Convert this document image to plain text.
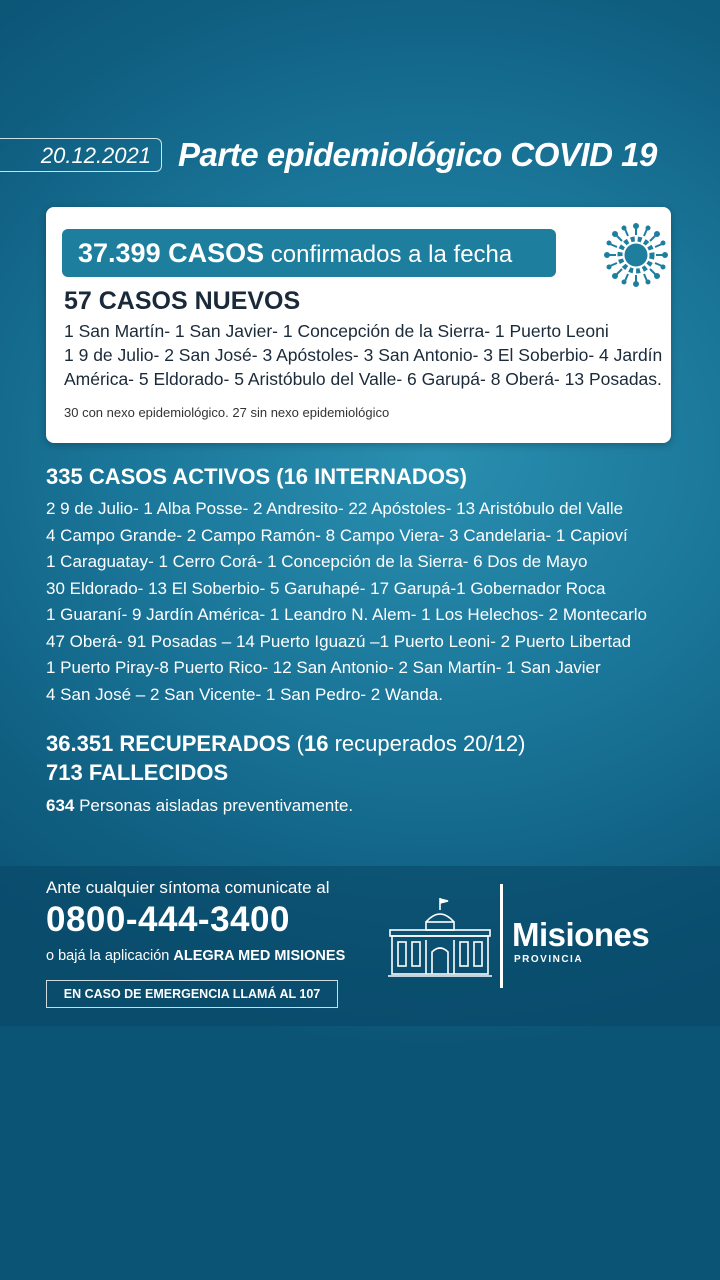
20.12.2021 Parte epidemiológico COVID 19
37.399 CASOS confirmados a la fecha
57 CASOS NUEVOS
1 San Martín- 1 San Javier- 1 Concepción de la Sierra- 1 Puerto Leoni
1 9 de Julio- 2 San José- 3 Apóstoles- 3 San Antonio- 3 El Soberbio- 4 Jardín
América- 5 Eldorado- 5 Aristóbulo del Valle- 6 Garupá- 8 Oberá- 13 Posadas.
30 con nexo epidemiológico. 27 sin nexo epidemiológico
335 CASOS ACTIVOS (16 INTERNADOS)
2 9 de Julio- 1 Alba Posse- 2 Andresito- 22 Apóstoles- 13 Aristóbulo del Valle
4 Campo Grande- 2 Campo Ramón- 8 Campo Viera- 3 Candelaria- 1 Capioví
1 Caraguatay- 1 Cerro Corá- 1 Concepción de la Sierra- 6 Dos de Mayo
30 Eldorado- 13 El Soberbio- 5 Garuhapé- 17 Garupá-1 Gobernador Roca
1 Guaraní- 9 Jardín América- 1 Leandro N. Alem- 1 Los Helechos- 2 Montecarlo
47 Oberá- 91 Posadas – 14 Puerto Iguazú –1 Puerto Leoni- 2 Puerto Libertad
1 Puerto Piray-8 Puerto Rico- 12 San Antonio- 2 San Martín- 1 San Javier
4 San José – 2 San Vicente- 1 San Pedro- 2 Wanda.
36.351 RECUPERADOS (16 recuperados 20/12)
713 FALLECIDOS
634 Personas aisladas preventivamente.
Ante cualquier síntoma comunicate al
0800-444-3400
o bajá la aplicación ALEGRA MED MISIONES
EN CASO DE EMERGENCIA LLAMÁ AL 107
Misiones
PROVINCIA
